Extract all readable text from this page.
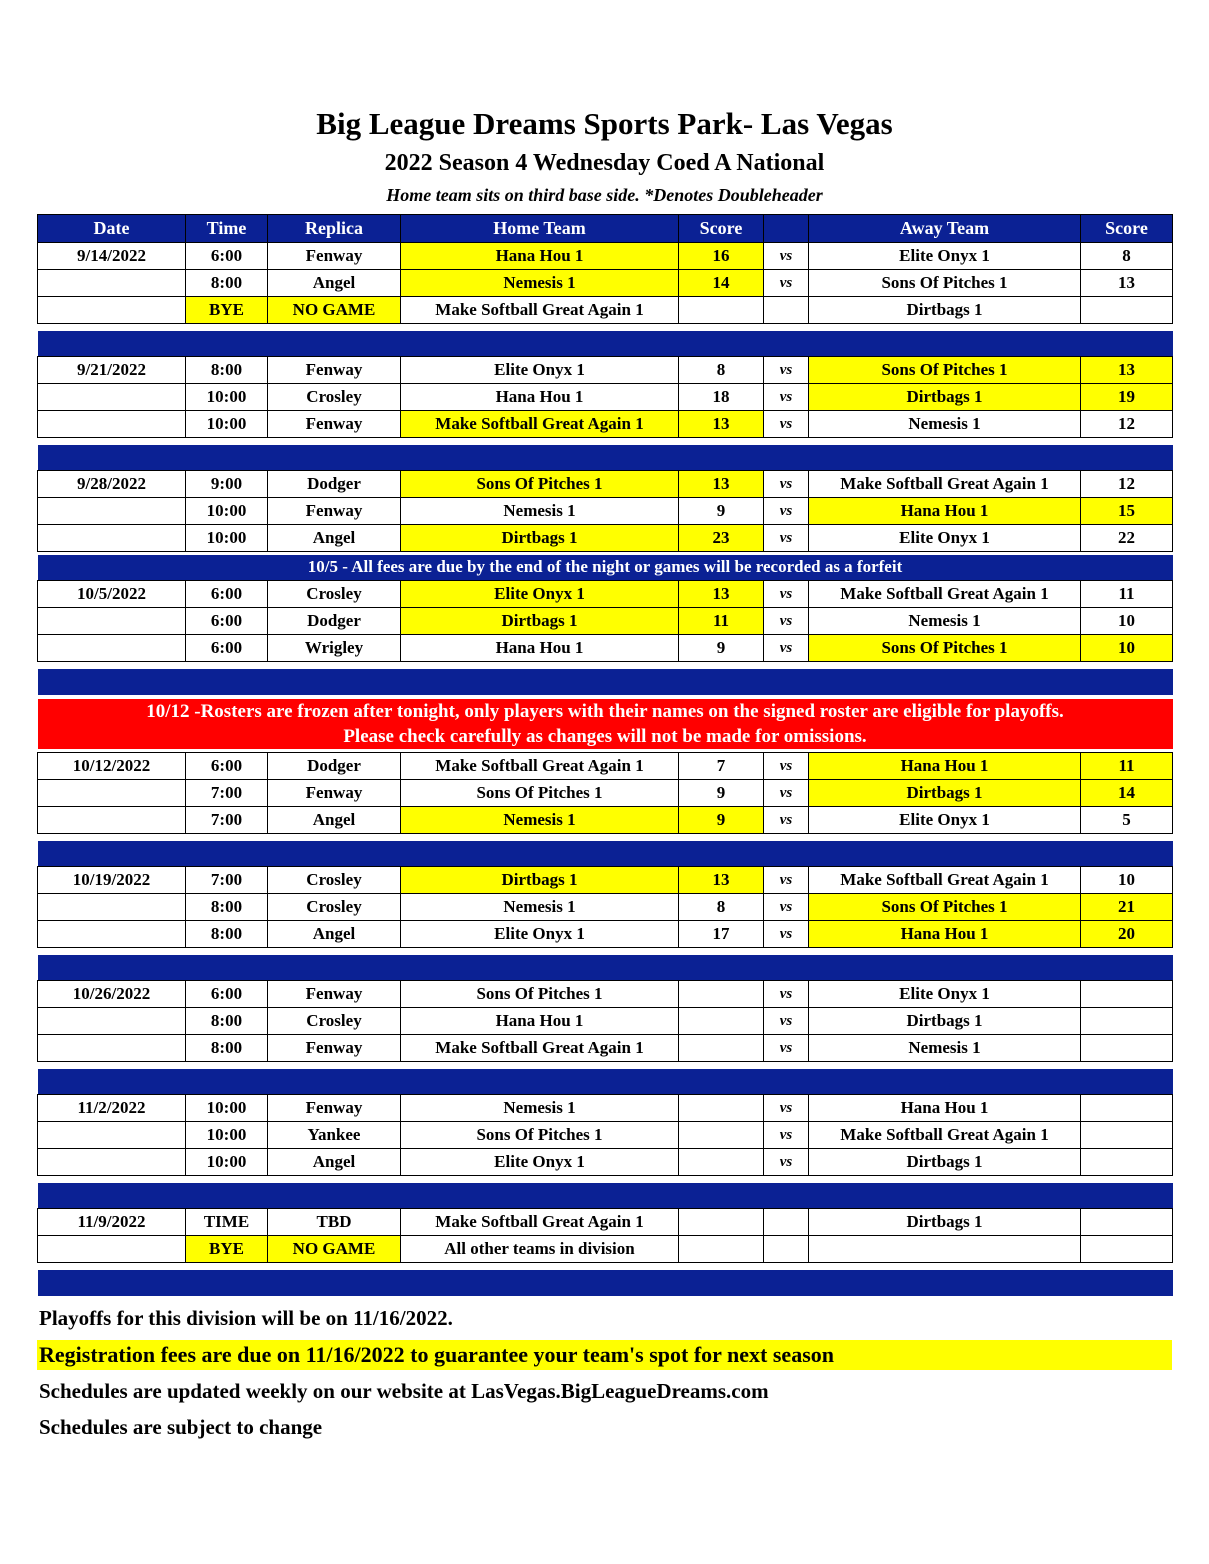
Big League Dreams Sports Park- Las Vegas
2022 Season 4 Wednesday Coed A National
Home team sits on third base side. *Denotes Doubleheader
Date	Time	Replica	Home Team	Score		Away Team	Score
9/14/2022	6:00	Fenway	Hana Hou 1	16	vs	Elite Onyx 1	8
	8:00	Angel	Nemesis 1	14	vs	Sons Of Pitches 1	13
	BYE	NO GAME	Make Softball Great Again 1			Dirtbags 1	

9/21/2022	8:00	Fenway	Elite Onyx 1	8	vs	Sons Of Pitches 1	13
	10:00	Crosley	Hana Hou 1	18	vs	Dirtbags 1	19
	10:00	Fenway	Make Softball Great Again 1	13	vs	Nemesis 1	12

9/28/2022	9:00	Dodger	Sons Of Pitches 1	13	vs	Make Softball Great Again 1	12
	10:00	Fenway	Nemesis 1	9	vs	Hana Hou 1	15
	10:00	Angel	Dirtbags 1	23	vs	Elite Onyx 1	22

10/5 - All fees are due by the end of the night or games will be recorded as a forfeit							
10/5/2022	6:00	Crosley	Elite Onyx 1	13	vs	Make Softball Great Again 1	11
	6:00	Dodger	Dirtbags 1	11	vs	Nemesis 1	10
	6:00	Wrigley	Hana Hou 1	9	vs	Sons Of Pitches 1	10

10/12 -Rosters are frozen after tonight, only players with their names on the signed roster are eligible for playoffs.
Please check carefully as changes will not be made for omissions.							

10/12/2022	6:00	Dodger	Make Softball Great Again 1	7	vs	Hana Hou 1	11
	7:00	Fenway	Sons Of Pitches 1	9	vs	Dirtbags 1	14
	7:00	Angel	Nemesis 1	9	vs	Elite Onyx 1	5

10/19/2022	7:00	Crosley	Dirtbags 1	13	vs	Make Softball Great Again 1	10
	8:00	Crosley	Nemesis 1	8	vs	Sons Of Pitches 1	21
	8:00	Angel	Elite Onyx 1	17	vs	Hana Hou 1	20

10/26/2022	6:00	Fenway	Sons Of Pitches 1		vs	Elite Onyx 1	
	8:00	Crosley	Hana Hou 1		vs	Dirtbags 1	
	8:00	Fenway	Make Softball Great Again 1		vs	Nemesis 1	

11/2/2022	10:00	Fenway	Nemesis 1		vs	Hana Hou 1	
	10:00	Yankee	Sons Of Pitches 1		vs	Make Softball Great Again 1	
	10:00	Angel	Elite Onyx 1		vs	Dirtbags 1	

11/9/2022	TIME	TBD	Make Softball Great Again 1			Dirtbags 1	
	BYE	NO GAME	All other teams in division				

Playoffs for this division will be on 11/16/2022.
Registration fees are due on 11/16/2022 to guarantee your team's spot for next season
Schedules are updated weekly on our website at LasVegas.BigLeagueDreams.com
Schedules are subject to change
